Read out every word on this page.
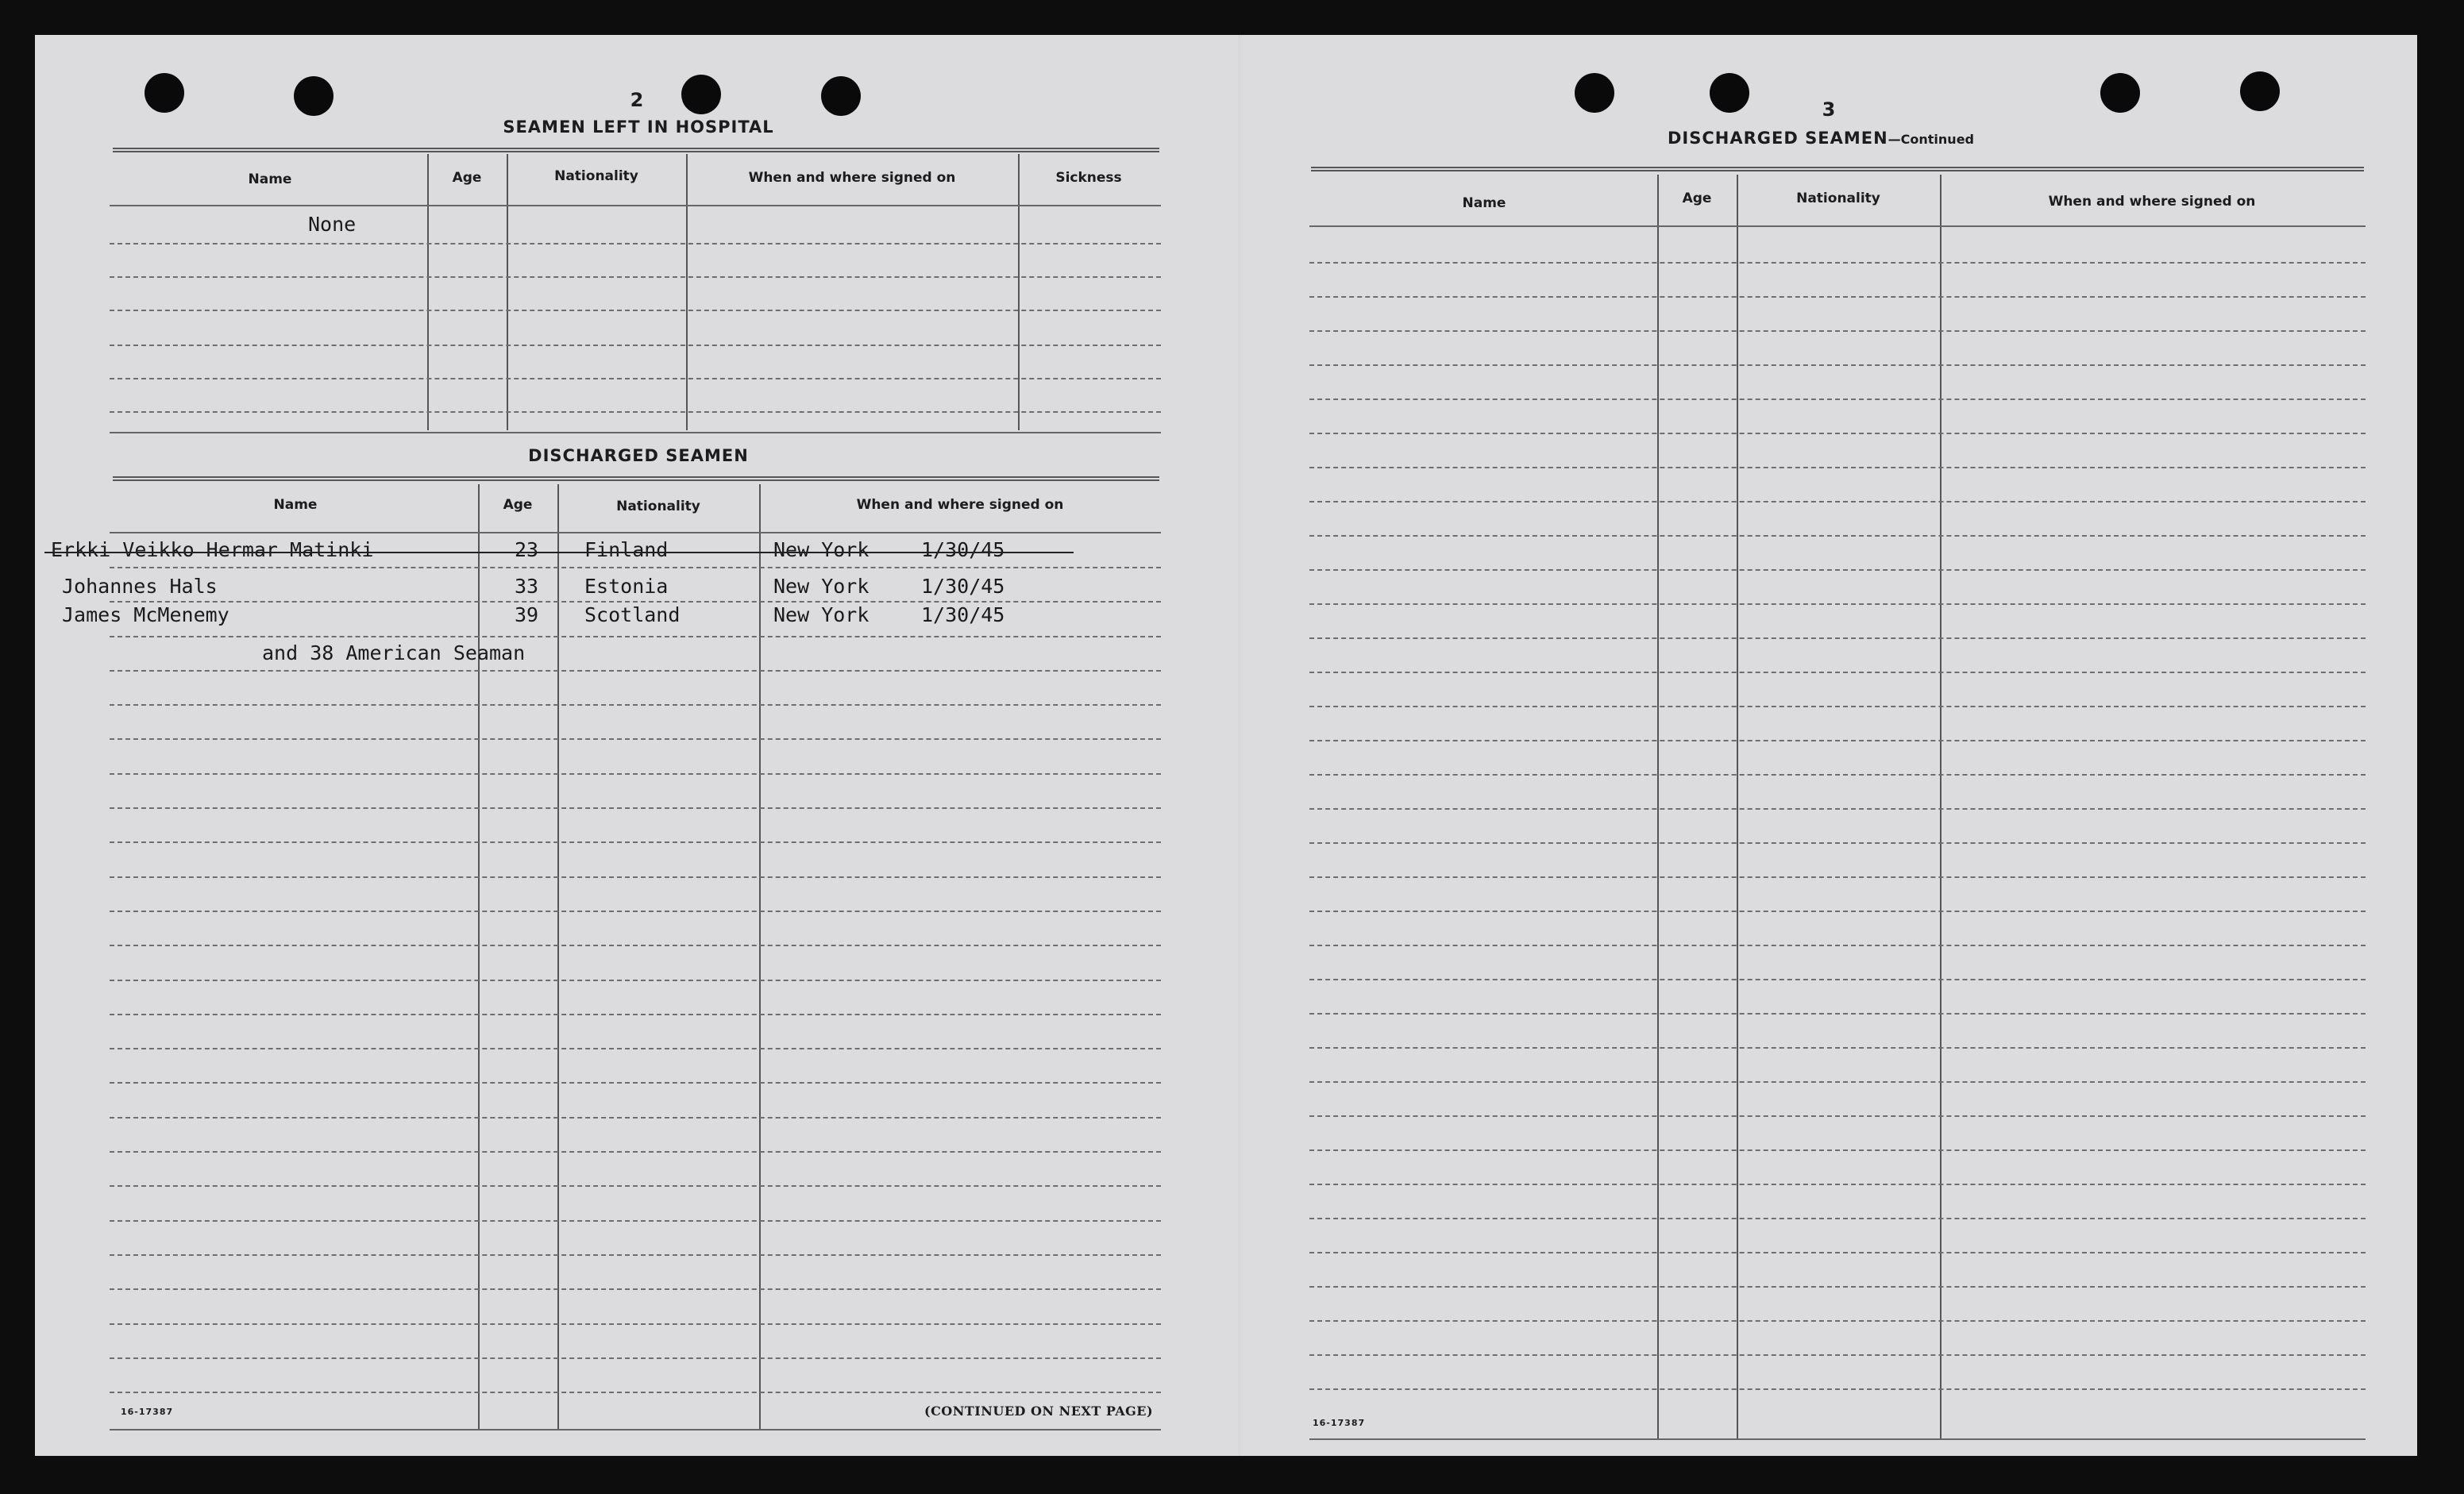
2
SEAMEN LEFT IN HOSPITAL
Name	Age	Nationality	When and where signed on	Sickness
None
DISCHARGED SEAMEN
Name	Age	Nationality	When and where signed on
Erkki Veikko Hermar Matinki	23 Finland	New York	1/30/45
Johannes Hals	33 Estonia	New York	1/30/45
James McMenemy	39 Scotland	New York	1/30/45
and 38 American Seaman
16-17387	(CONTINUED ON NEXT PAGE)
3
DISCHARGED SEAMEN—Continued
Name	Age	Nationality	When and where signed on
16-17387
